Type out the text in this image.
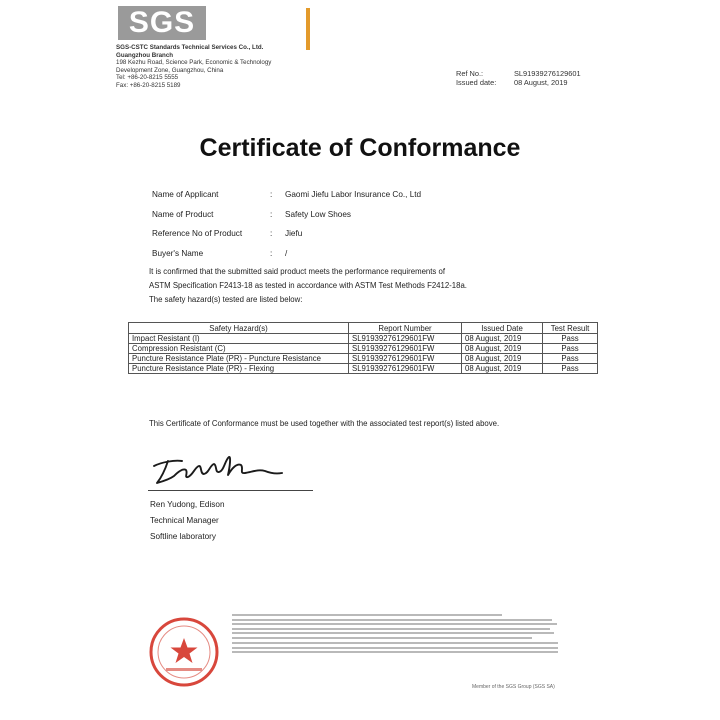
SGS
SGS-CSTC Standards Technical Services Co., Ltd.
Guangzhou Branch
198 Kezhu Road, Science Park, Economic & Technology
Development Zone, Guangzhou, China
Tel: +86-20-8215 5555
Fax: +86-20-8215 5189
Ref No.:	SL91939276129601
Issued date:	08 August, 2019
Certificate of Conformance
Name of Applicant	:	Gaomi Jiefu Labor Insurance Co., Ltd
Name of Product	:	Safety Low Shoes
Reference No of Product	:	Jiefu
Buyer's Name	:	/
It is confirmed that the submitted said product meets the performance requirements of
ASTM Specification F2413-18 as tested in accordance with ASTM Test Methods F2412-18a.
The safety hazard(s) tested are listed below:
Safety Hazard(s)	Report Number	Issued Date	Test Result
Impact Resistant (I)	SL91939276129601FW	08 August, 2019	Pass
Compression Resistant (C)	SL91939276129601FW	08 August, 2019	Pass
Puncture Resistance Plate (PR) - Puncture Resistance	SL91939276129601FW	08 August, 2019	Pass
Puncture Resistance Plate (PR) - Flexing	SL91939276129601FW	08 August, 2019	Pass
This Certificate of Conformance must be used together with the associated test report(s) listed above.
Ren Yudong, Edison
Technical Manager
Softline laboratory
Member of the SGS Group (SGS SA)
